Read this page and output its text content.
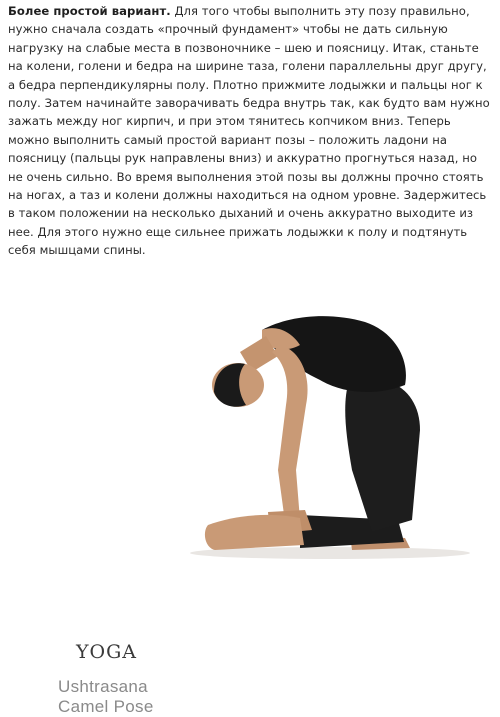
Более простой вариант. Для того чтобы выполнить эту позу правильно, нужно сначала создать «прочный фундамент» чтобы не дать сильную нагрузку на слабые места в позвоночнике – шею и поясницу. Итак, станьте на колени, голени и бедра на ширине таза, голени параллельны друг другу, а бедра перпендикулярны полу. Плотно прижмите лодыжки и пальцы ног к полу. Затем начинайте заворачивать бедра внутрь так, как будто вам нужно зажать между ног кирпич, и при этом тянитесь копчиком вниз. Теперь можно выполнить самый простой вариант позы – положить ладони на поясницу (пальцы рук направлены вниз) и аккуратно прогнуться назад, но не очень сильно. Во время выполнения этой позы вы должны прочно стоять на ногах, а таз и колени должны находиться на одном уровне. Задержитесь в таком положении на несколько дыханий и очень аккуратно выходите из нее. Для этого нужно еще сильнее прижать лодыжки к полу и подтянуть себя мышцами спины.

YOGA
Ushtrasana
Camel Pose
